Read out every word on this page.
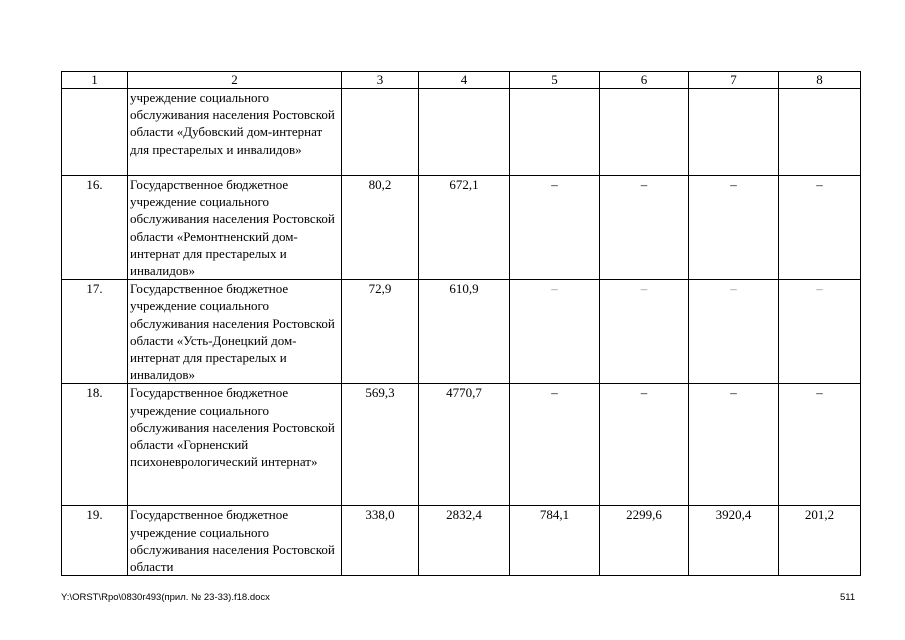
1	2	3	4	5	6	7	8
	учреждение социального обслуживания населения Ростовской области «Дубовский дом-интернат для престарелых и инвалидов»						
16.	Государственное бюджетное учреждение социального обслуживания населения Ростовской области «Ремонтненский дом-интернат для престарелых и инвалидов»	80,2	672,1	–	–	–	–
17.	Государственное бюджетное учреждение социального обслуживания населения Ростовской области «Усть-Донецкий дом-интернат для престарелых и инвалидов»	72,9	610,9	–	–	–	–
18.	Государственное бюджетное учреждение социального обслуживания населения Ростовской области «Горненский психоневрологический интернат»	569,3	4770,7	–	–	–	–
19.	Государственное бюджетное учреждение социального обслуживания населения Ростовской области	338,0	2832,4	784,1	2299,6	3920,4	201,2
Y:\ORST\Rpo\0830r493(прил. № 23-33).f18.docx	511
